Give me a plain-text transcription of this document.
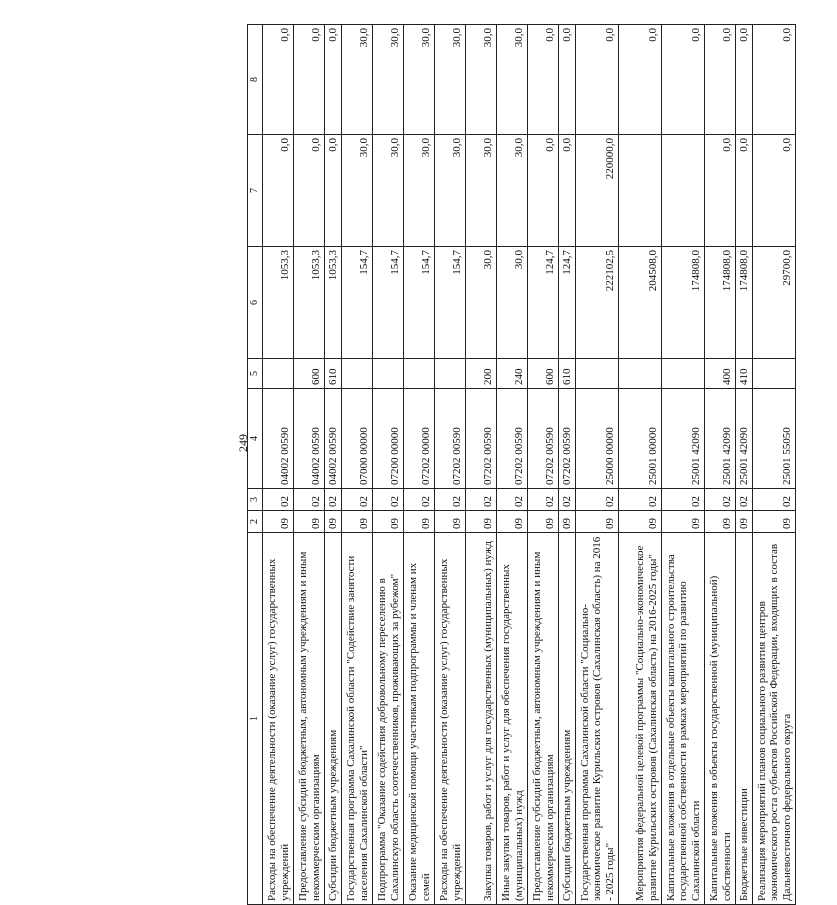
249
1	2	3	4	5	6	7	8
Расходы на обеспечение деятельности (оказание услуг) государственных учреждений	09	02	04002 00590		1053,3	0,0	0,0
Предоставление субсидий бюджетным, автономным учреждениям и иным некоммерческим организациям	09	02	04002 00590	600	1053,3	0,0	0,0
Субсидии бюджетным учреждениям	09	02	04002 00590	610	1053,3	0,0	0,0
Государственная программа Сахалинской области "Содействие занятости населения Сахалинской области"	09	02	07000 00000		154,7	30,0	30,0
Подпрограмма "Оказание содействия добровольному переселению в Сахалинскую область соотечественников, проживающих за рубежом"	09	02	07200 00000		154,7	30,0	30,0
Оказание медицинской помощи участникам подпрограммы и членам их семей	09	02	07202 00000		154,7	30,0	30,0
Расходы на обеспечение деятельности (оказание услуг) государственных учреждений	09	02	07202 00590		154,7	30,0	30,0
Закупка товаров, работ и услуг для государственных (муниципальных) нужд	09	02	07202 00590	200	30,0	30,0	30,0
Иные закупки товаров, работ и услуг для обеспечения государственных (муниципальных) нужд	09	02	07202 00590	240	30,0	30,0	30,0
Предоставление субсидий бюджетным, автономным учреждениям и иным некоммерческим организациям	09	02	07202 00590	600	124,7	0,0	0,0
Субсидии бюджетным учреждениям	09	02	07202 00590	610	124,7	0,0	0,0
Государственная программа Сахалинской области "Социально-экономическое развитие Курильских островов (Сахалинская область) на 2016 - 2025 годы"	09	02	25000 00000		222102,5	220000,0	0,0
Мероприятия федеральной целевой программы "Социально-экономическое развитие Курильских островов (Сахалинская область) на 2016-2025 годы"	09	02	25001 00000		204508,0		0,0
Капитальные вложения в отдельные объекты капитального строительства государственной собственности в рамках мероприятий по развитию Сахалинской области	09	02	25001 42090		174808,0		0,0
Капитальные вложения в объекты государственной (муниципальной) собственности	09	02	25001 42090	400	174808,0	0,0	0,0
Бюджетные инвестиции	09	02	25001 42090	410	174808,0	0,0	0,0
Реализация мероприятий планов социального развития центров экономического роста субъектов Российской Федерации, входящих в состав Дальневосточного федерального округа	09	02	25001 55050		29700,0	0,0	0,0
